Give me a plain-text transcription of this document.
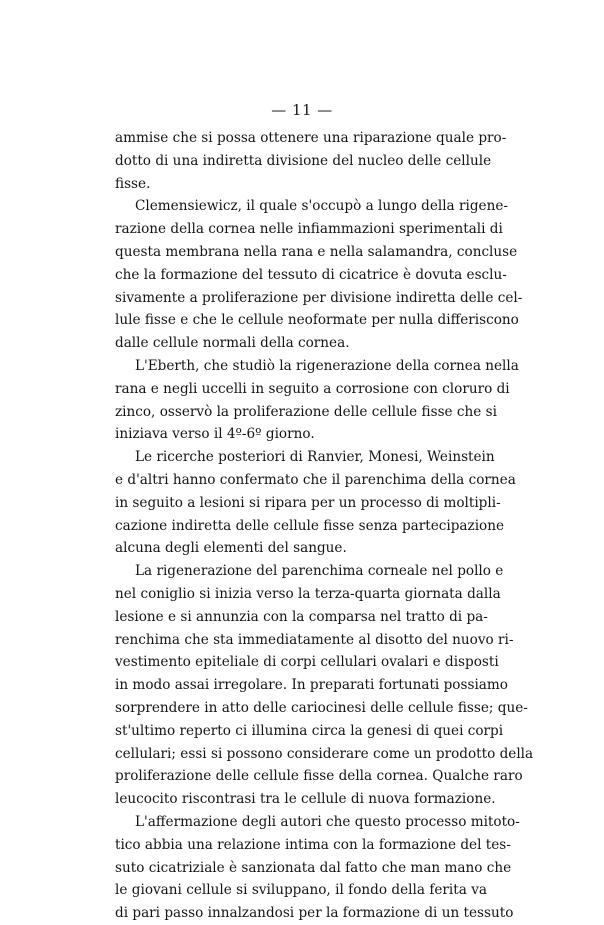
— 11 —
ammise che si possa ottenere una riparazione quale pro-
dotto di una indiretta divisione del nucleo delle cellule
fisse.
Clemensiewicz, il quale s'occupò a lungo della rigene-
razione della cornea nelle infiammazioni sperimentali di
questa membrana nella rana e nella salamandra, concluse
che la formazione del tessuto di cicatrice è dovuta esclu-
sivamente a proliferazione per divisione indiretta delle cel-
lule fisse e che le cellule neoformate per nulla differiscono
dalle cellule normali della cornea.
L'Eberth, che studiò la rigenerazione della cornea nella
rana e negli uccelli in seguito a corrosione con cloruro di
zinco, osservò la proliferazione delle cellule fisse che si
iniziava verso il 4º-6º giorno.
Le ricerche posteriori di Ranvier, Monesi, Weinstein
e d'altri hanno confermato che il parenchima della cornea
in seguito a lesioni si ripara per un processo di moltipli-
cazione indiretta delle cellule fisse senza partecipazione
alcuna degli elementi del sangue.
La rigenerazione del parenchima corneale nel pollo e
nel coniglio si inizia verso la terza-quarta giornata dalla
lesione e si annunzia con la comparsa nel tratto di pa-
renchima che sta immediatamente al disotto del nuovo ri-
vestimento epiteliale di corpi cellulari ovalari e disposti
in modo assai irregolare. In preparati fortunati possiamo
sorprendere in atto delle cariocinesi delle cellule fisse; que-
st'ultimo reperto ci illumina circa la genesi di quei corpi
cellulari; essi si possono considerare come un prodotto della
proliferazione delle cellule fisse della cornea. Qualche raro
leucocito riscontrasi tra le cellule di nuova formazione.
L'affermazione degli autori che questo processo mitoto-
tico abbia una relazione intima con la formazione del tes-
suto cicatriziale è sanzionata dal fatto che man mano che
le giovani cellule si sviluppano, il fondo della ferita va
di pari passo innalzandosi per la formazione di un tessuto
